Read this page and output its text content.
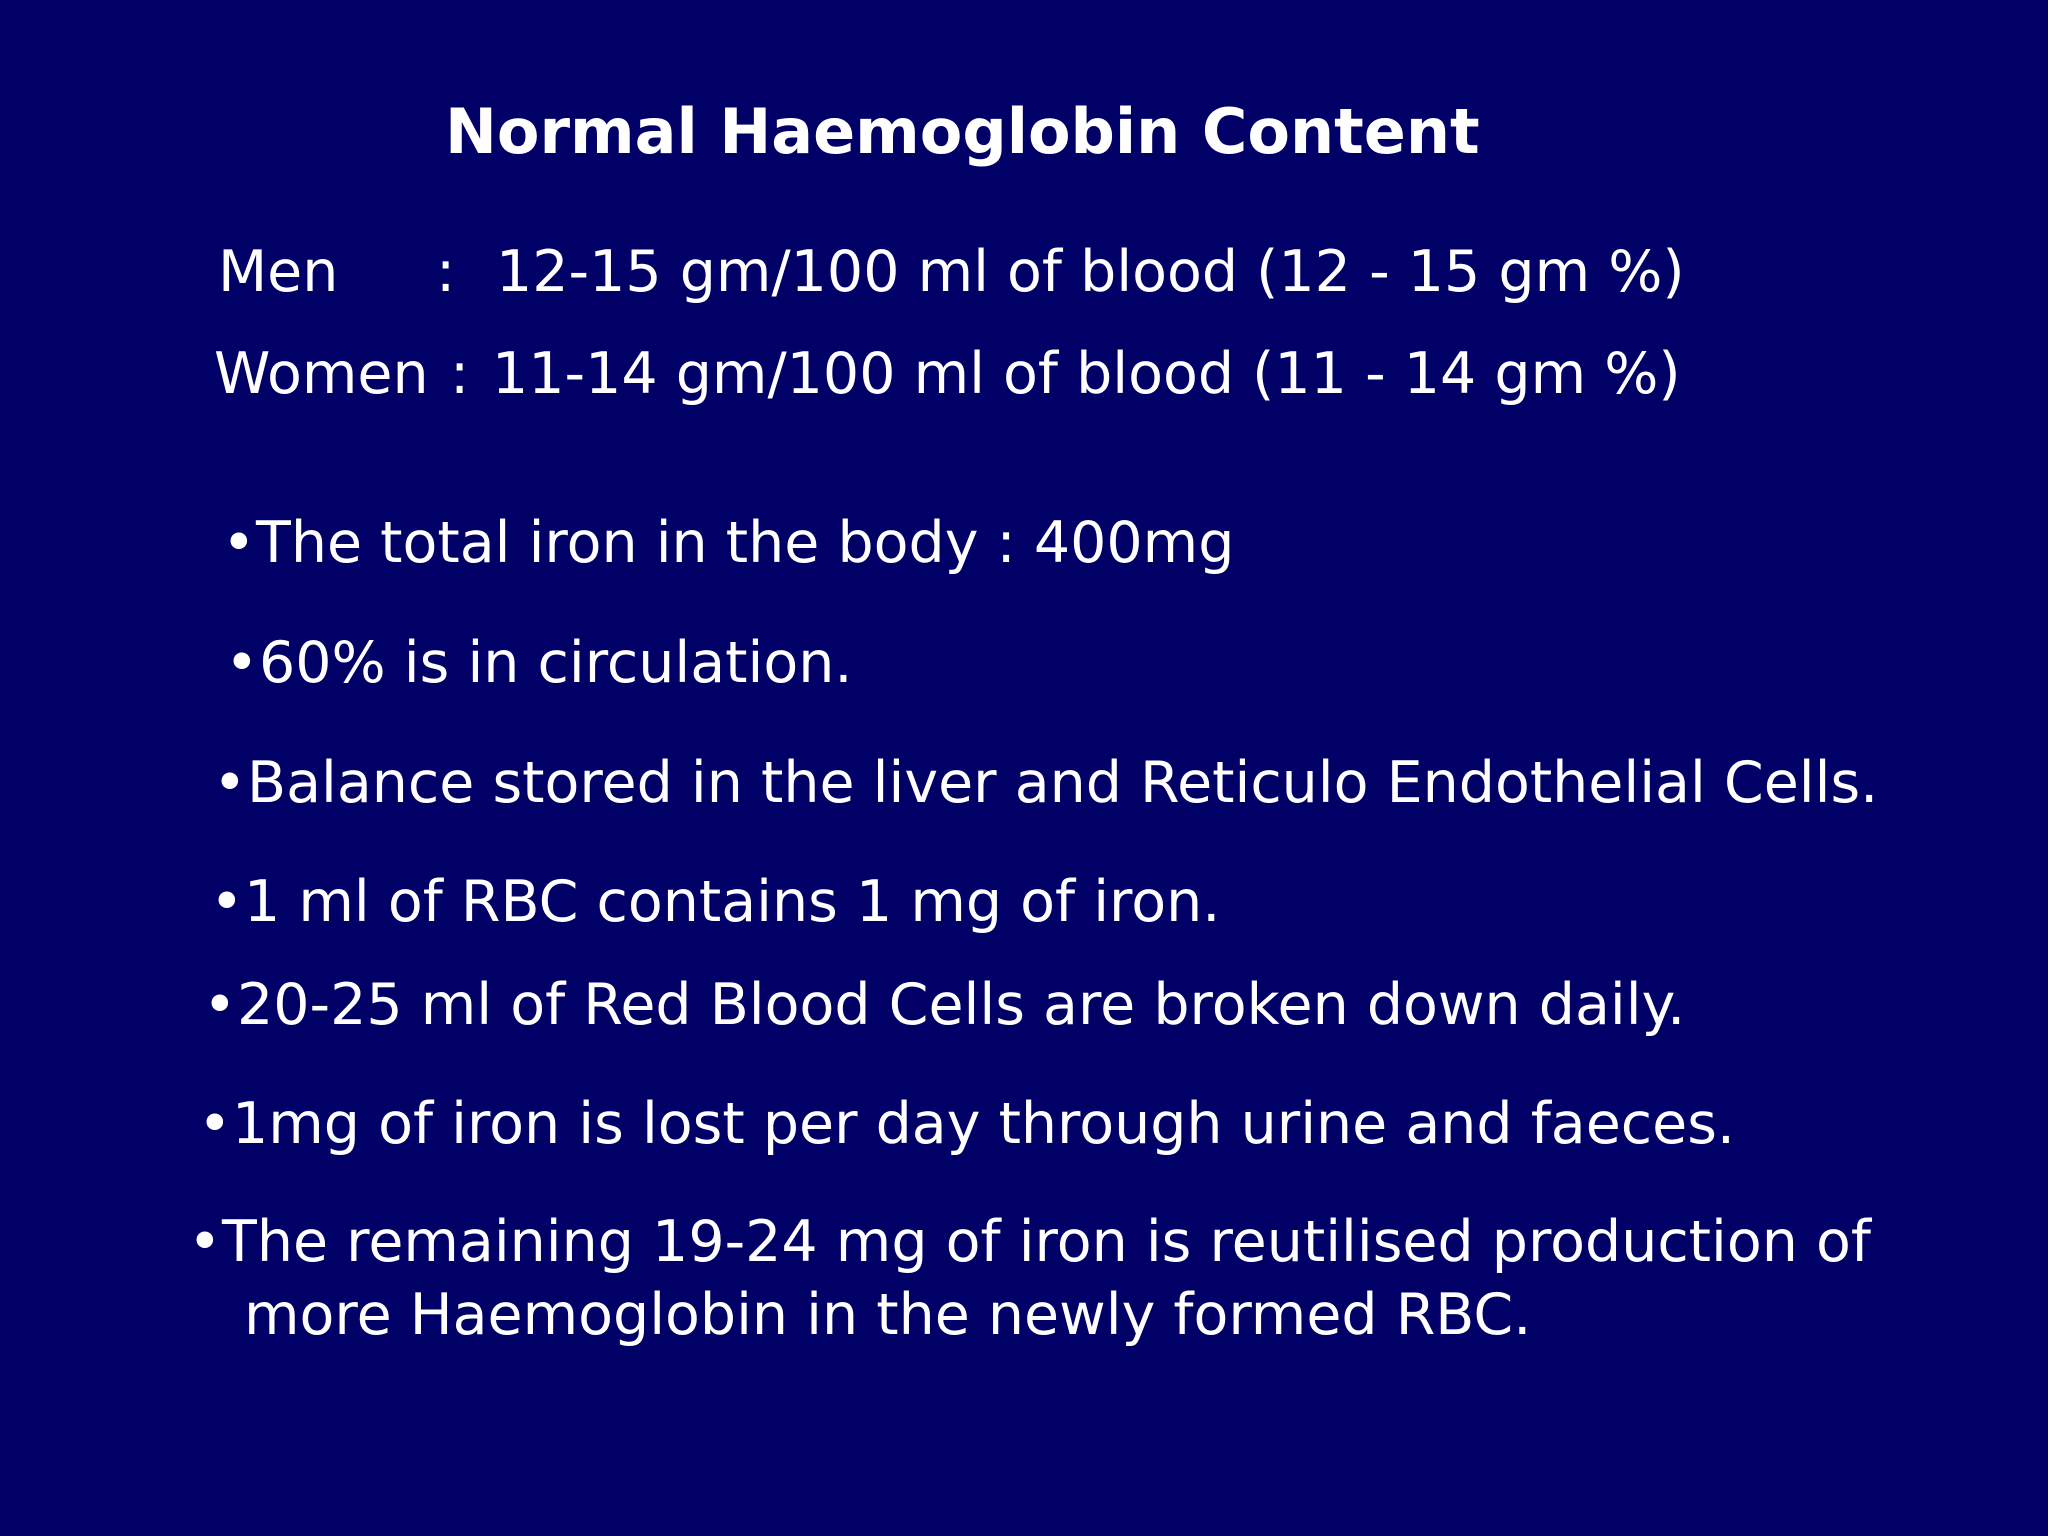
Normal Haemoglobin Content
Men : 12-15 gm/100 ml of blood (12 - 15 gm %)
Women : 11-14 gm/100 ml of blood (11 - 14 gm %)
•The total iron in the body : 400mg
•60% is in circulation.
•Balance stored in the liver and Reticulo Endothelial Cells.
•1 ml of RBC contains 1 mg of iron.
•20-25 ml of Red Blood Cells are broken down daily.
•1mg of iron is lost per day through urine and faeces.
•The remaining 19-24 mg of iron is reutilised production of
more Haemoglobin in the newly formed RBC.
